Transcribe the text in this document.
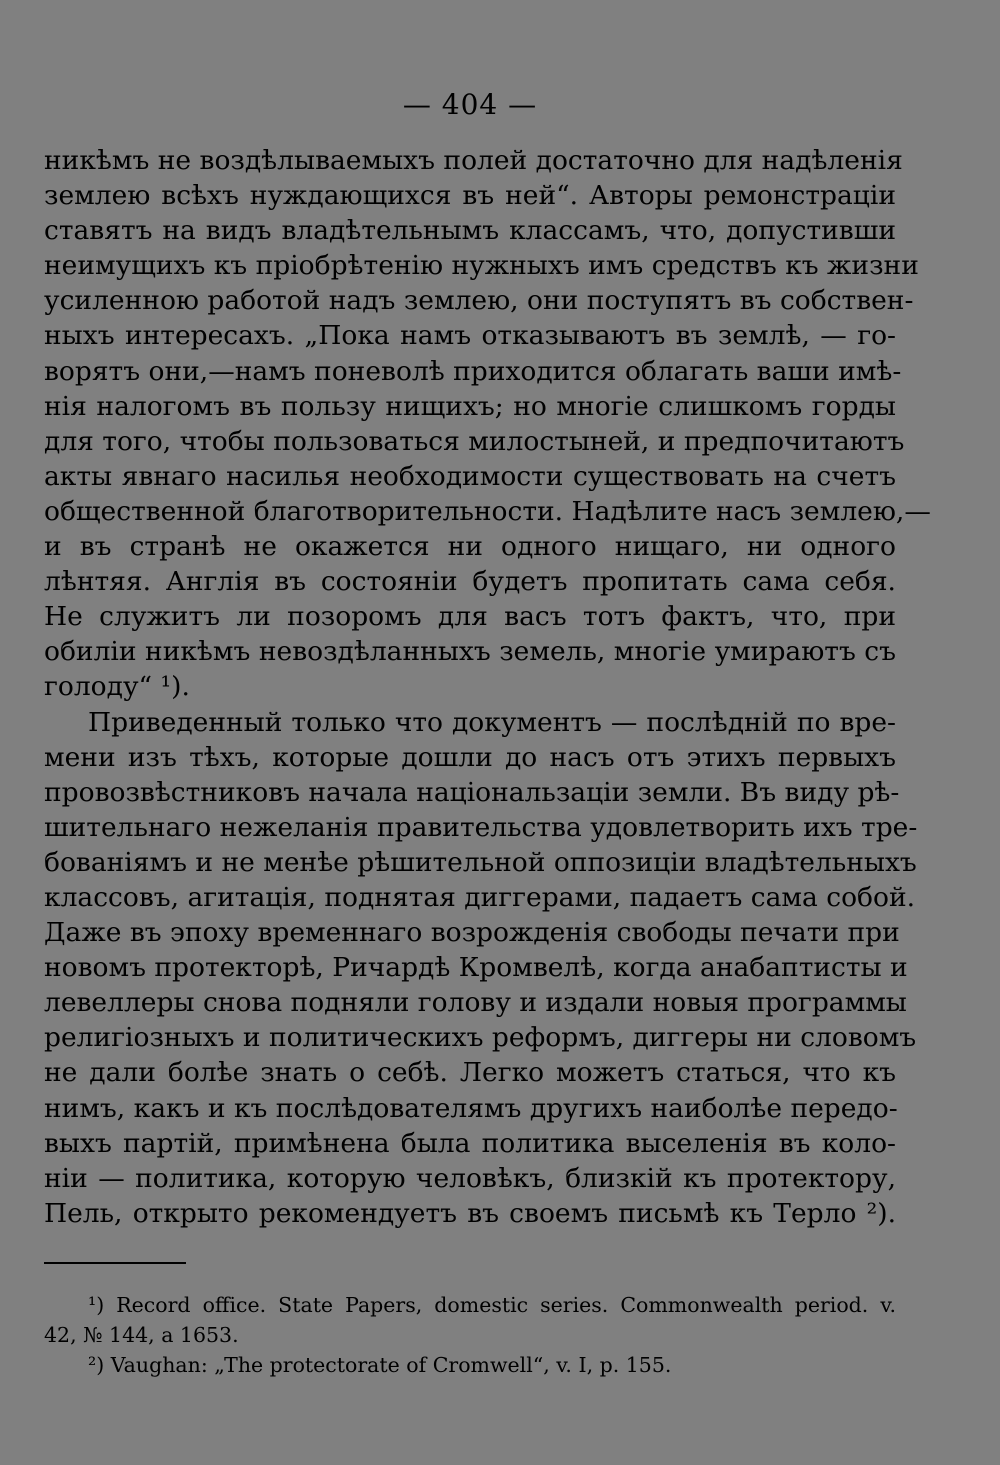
— 404 —
никѣмъ не воздѣлываемыхъ полей достаточно для надѣленія
землею всѣхъ нуждающихся въ ней“. Авторы ремонстраціи
ставятъ на видъ владѣтельнымъ классамъ, что, допустивши
неимущихъ къ пріобрѣтенію нужныхъ имъ средствъ къ жизни
усиленною работой надъ землею, они поступятъ въ собствен-
ныхъ интересахъ. „Пока намъ отказываютъ въ землѣ, — го-
ворятъ они,—намъ поневолѣ приходится облагать ваши имѣ-
нія налогомъ въ пользу нищихъ; но многіе слишкомъ горды
для того, чтобы пользоваться милостыней, и предпочитаютъ
акты явнаго насилья необходимости существовать на счетъ
общественной благотворительности. Надѣлите насъ землею,—
и въ странѣ не окажется ни одного нищаго, ни одного
лѣнтяя. Англія въ состояніи будетъ пропитать сама себя.
Не служитъ ли позоромъ для васъ тотъ фактъ, что, при
обиліи никѣмъ невоздѣланныхъ земель, многіе умираютъ съ
голоду“ ¹).
Приведенный только что документъ — послѣдній по вре-
мени изъ тѣхъ, которые дошли до насъ отъ этихъ первыхъ
провозвѣстниковъ начала національзаціи земли. Въ виду рѣ-
шительнаго нежеланія правительства удовлетворить ихъ тре-
бованіямъ и не менѣе рѣшительной оппозиціи владѣтельныхъ
классовъ, агитація, поднятая диггерами, падаетъ сама собой.
Даже въ эпоху временнаго возрожденія свободы печати при
новомъ протекторѣ, Ричардѣ Кромвелѣ, когда анабаптисты и
левеллеры снова подняли голову и издали новыя программы
религіозныхъ и политическихъ реформъ, диггеры ни словомъ
не дали болѣе знать о себѣ. Легко можетъ статься, что къ
нимъ, какъ и къ послѣдователямъ другихъ наиболѣе передо-
выхъ партій, примѣнена была политика выселенія въ коло-
ніи — политика, которую человѣкъ, близкій къ протектору,
Пель, открыто рекомендуетъ въ своемъ письмѣ къ Терло ²).
¹) Record office. State Papers, domestic series. Commonwealth period. v.
42, № 144, a 1653.
²) Vaughan: „The protectorate of Cromwell“, v. I, p. 155.
